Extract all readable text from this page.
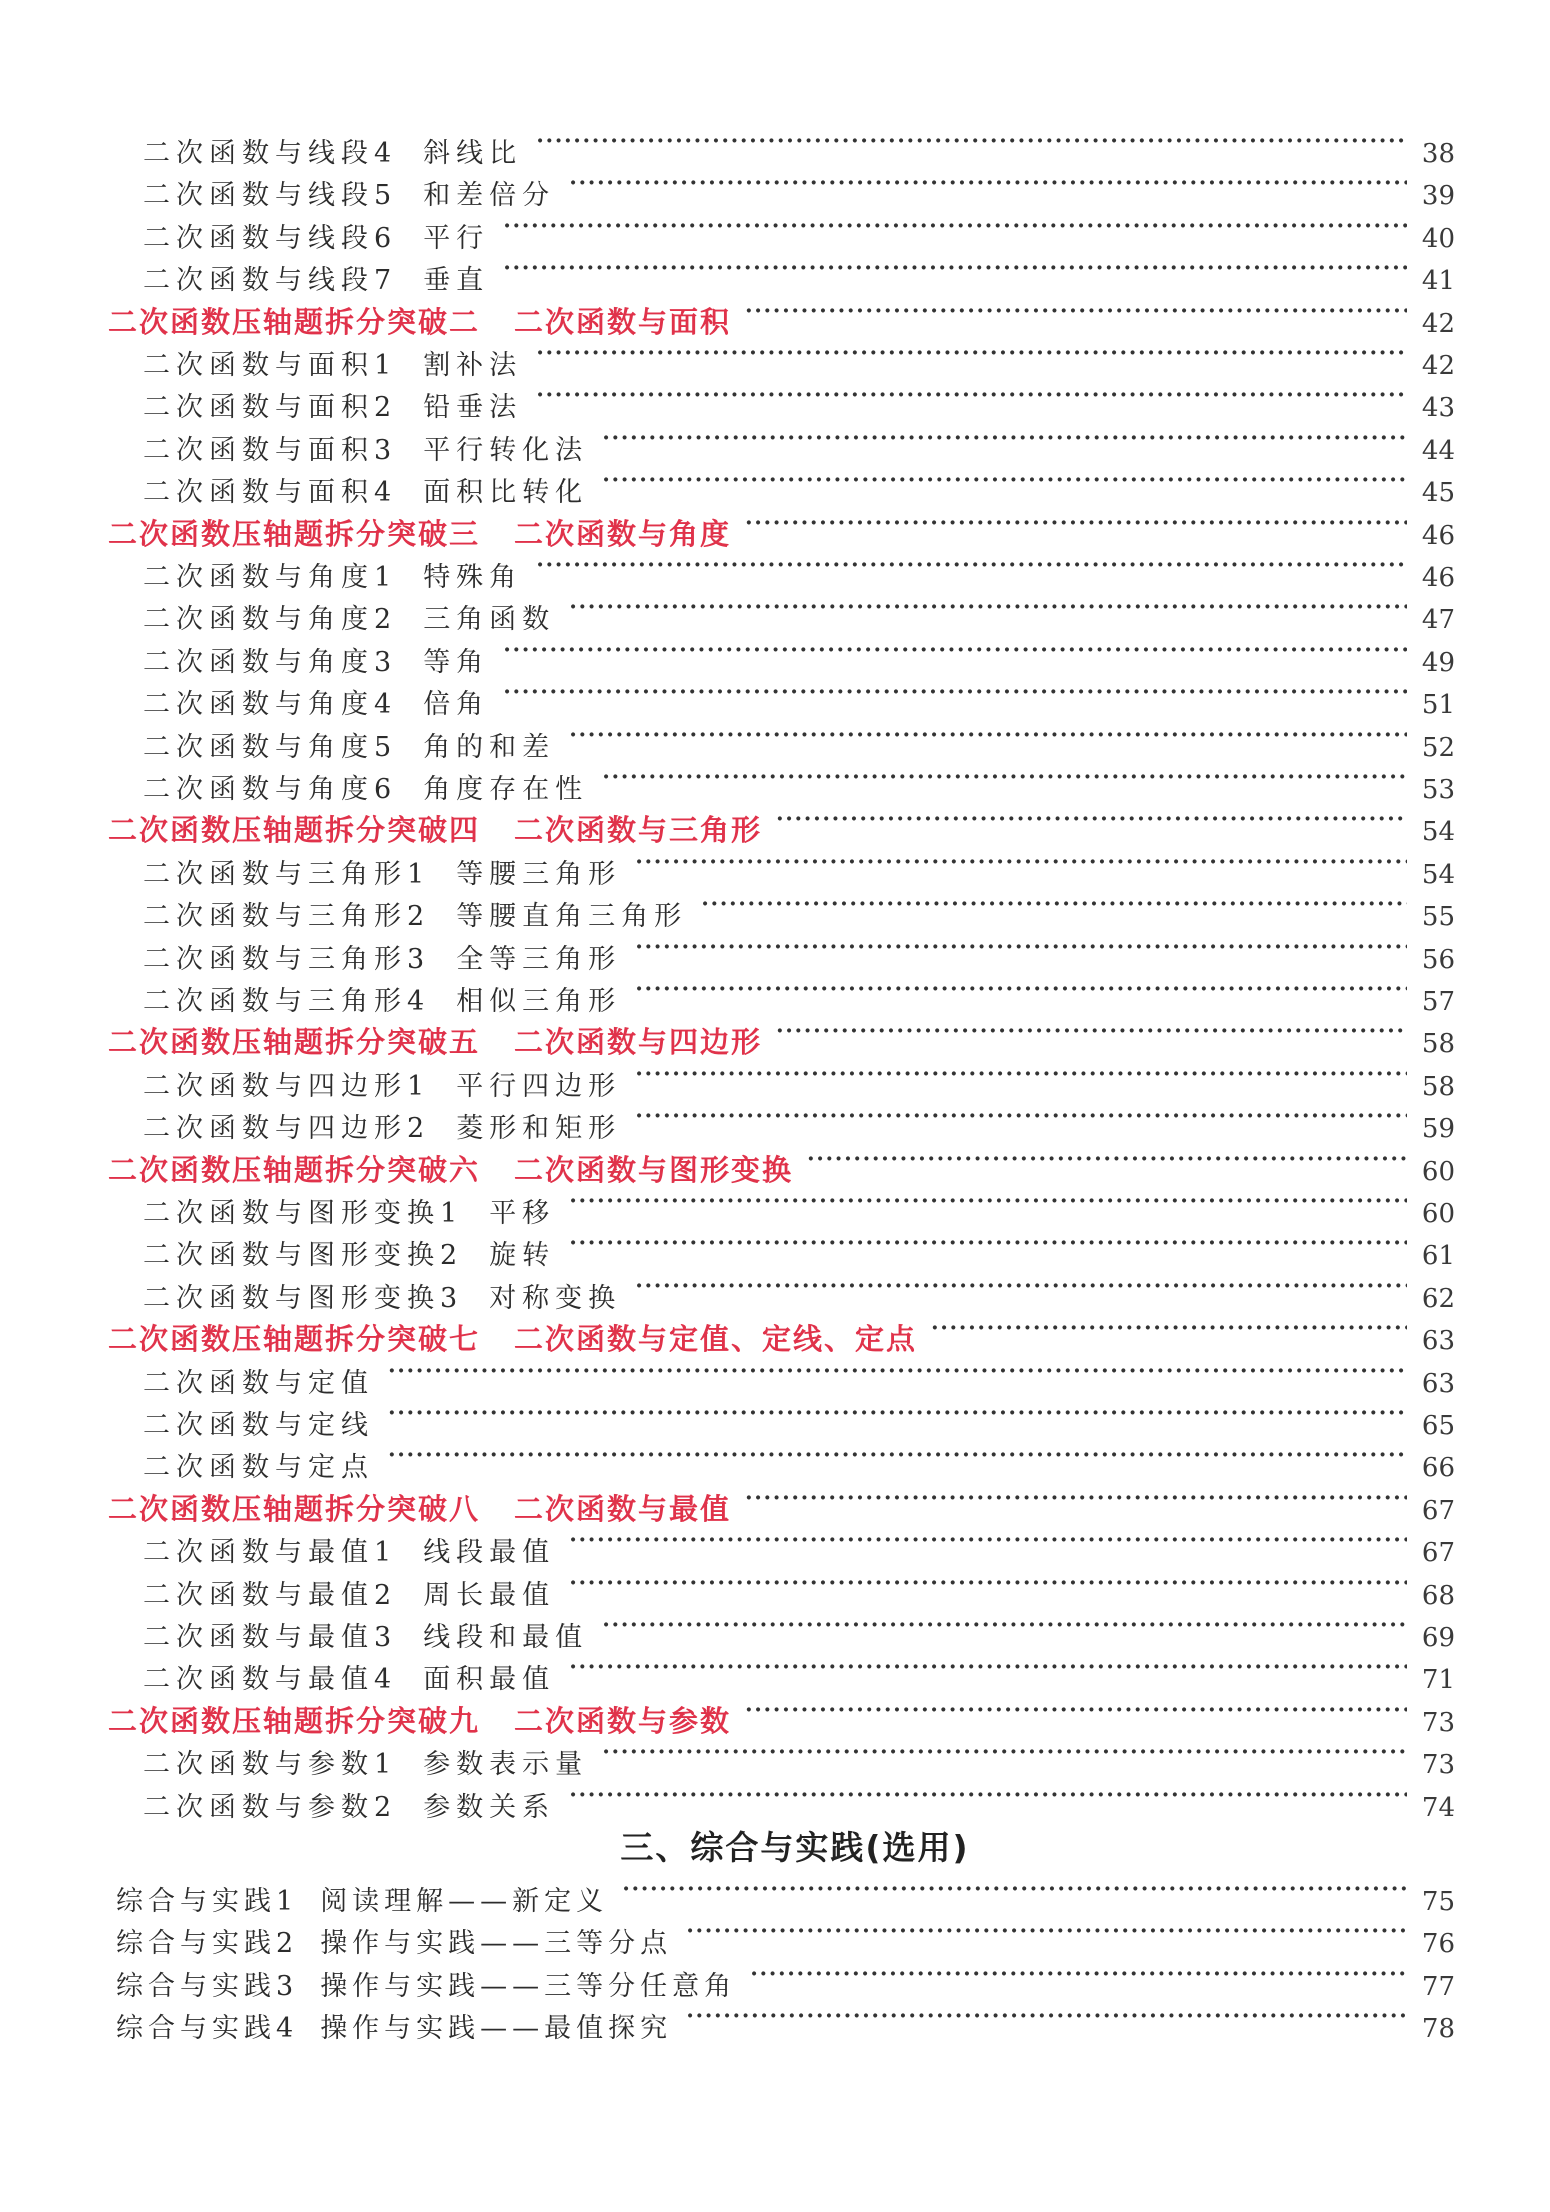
二次函数与线段4 斜线比 ·····	38
二次函数与线段5 和差倍分 ·····	39
二次函数与线段6 平行 ·····	40
二次函数与线段7 垂直 ·····	41
二次函数压轴题拆分突破二 二次函数与面积 ·····	42
二次函数与面积1 割补法 ·····	42
二次函数与面积2 铅垂法 ·····	43
二次函数与面积3 平行转化法 ·····	44
二次函数与面积4 面积比转化 ·····	45
二次函数压轴题拆分突破三 二次函数与角度 ·····	46
二次函数与角度1 特殊角 ·····	46
二次函数与角度2 三角函数 ·····	47
二次函数与角度3 等角 ·····	49
二次函数与角度4 倍角 ·····	51
二次函数与角度5 角的和差 ·····	52
二次函数与角度6 角度存在性 ·····	53
二次函数压轴题拆分突破四 二次函数与三角形 ·····	54
二次函数与三角形1 等腰三角形 ·····	54
二次函数与三角形2 等腰直角三角形 ·····	55
二次函数与三角形3 全等三角形 ·····	56
二次函数与三角形4 相似三角形 ·····	57
二次函数压轴题拆分突破五 二次函数与四边形 ·····	58
二次函数与四边形1 平行四边形 ·····	58
二次函数与四边形2 菱形和矩形 ·····	59
二次函数压轴题拆分突破六 二次函数与图形变换 ·····	60
二次函数与图形变换1 平移 ·····	60
二次函数与图形变换2 旋转 ·····	61
二次函数与图形变换3 对称变换 ·····	62
二次函数压轴题拆分突破七 二次函数与定值、定线、定点 ·····	63
二次函数与定值 ·····	63
二次函数与定线 ·····	65
二次函数与定点 ·····	66
二次函数压轴题拆分突破八 二次函数与最值 ·····	67
二次函数与最值1 线段最值 ·····	67
二次函数与最值2 周长最值 ·····	68
二次函数与最值3 线段和最值 ·····	69
二次函数与最值4 面积最值 ·····	71
二次函数压轴题拆分突破九 二次函数与参数 ·····	73
二次函数与参数1 参数表示量 ·····	73
二次函数与参数2 参数关系 ·····	74
三、综合与实践(选用)
综合与实践1 阅读理解——新定义 ·····	75
综合与实践2 操作与实践——三等分点 ·····	76
综合与实践3 操作与实践——三等分任意角 ·····	77
综合与实践4 操作与实践——最值探究 ·····	78
